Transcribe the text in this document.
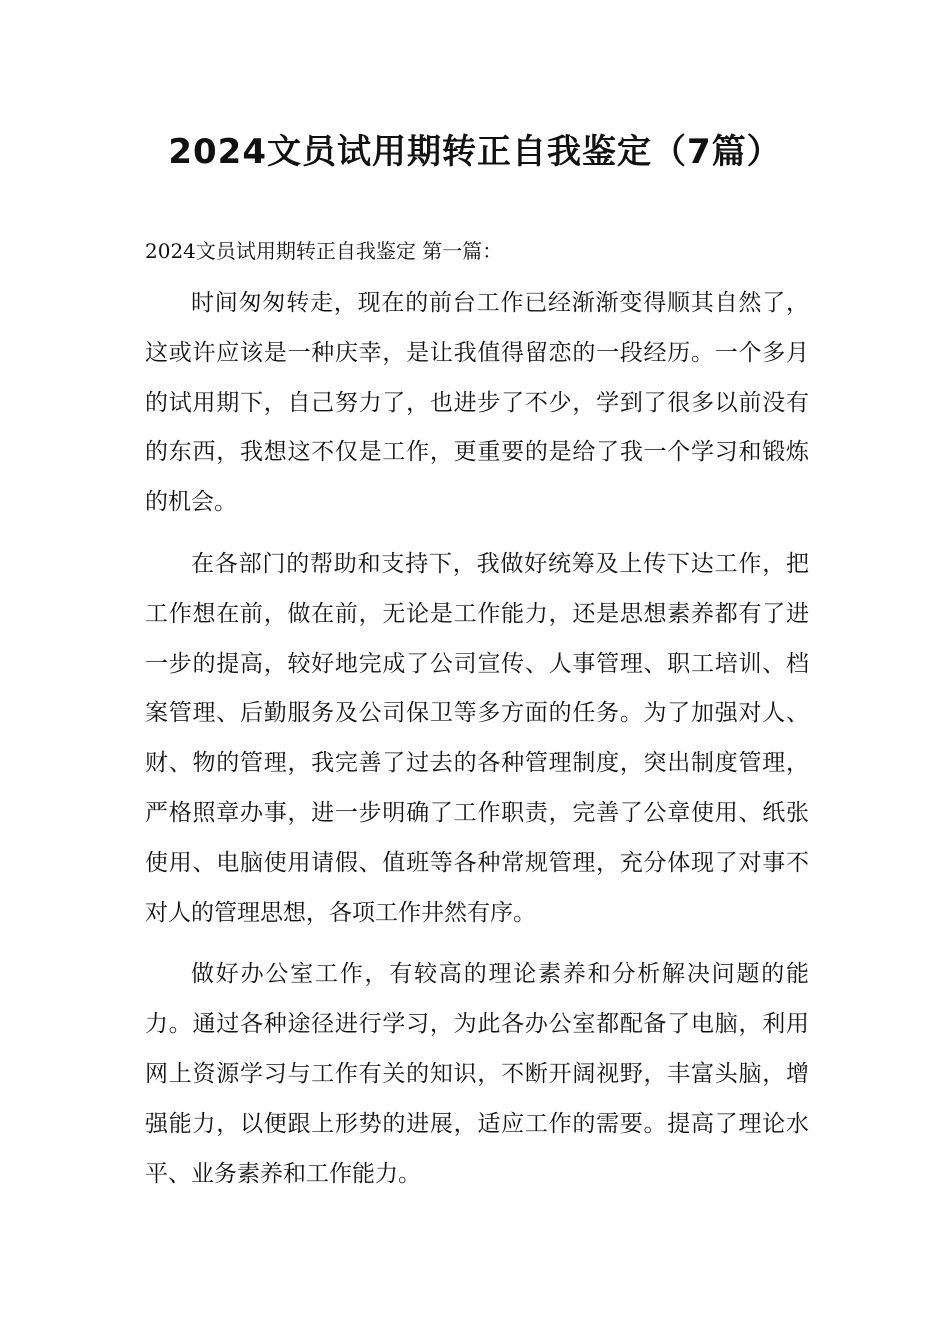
2024文员试用期转正自我鉴定（7篇）

2024文员试用期转正自我鉴定 第一篇：

时间匆匆转走，现在的前台工作已经渐渐变得顺其自然了，这或许应该是一种庆幸，是让我值得留恋的一段经历。一个多月的试用期下，自己努力了，也进步了不少，学到了很多以前没有的东西，我想这不仅是工作，更重要的是给了我一个学习和锻炼的机会。

在各部门的帮助和支持下，我做好统筹及上传下达工作，把工作想在前，做在前，无论是工作能力，还是思想素养都有了进一步的提高，较好地完成了公司宣传、人事管理、职工培训、档案管理、后勤服务及公司保卫等多方面的任务。为了加强对人、财、物的管理，我完善了过去的各种管理制度，突出制度管理，严格照章办事，进一步明确了工作职责，完善了公章使用、纸张使用、电脑使用请假、值班等各种常规管理，充分体现了对事不对人的管理思想，各项工作井然有序。

做好办公室工作，有较高的理论素养和分析解决问题的能力。通过各种途径进行学习，为此各办公室都配备了电脑，利用网上资源学习与工作有关的知识，不断开阔视野，丰富头脑，增强能力，以便跟上形势的进展，适应工作的需要。提高了理论水平、业务素养和工作能力。
